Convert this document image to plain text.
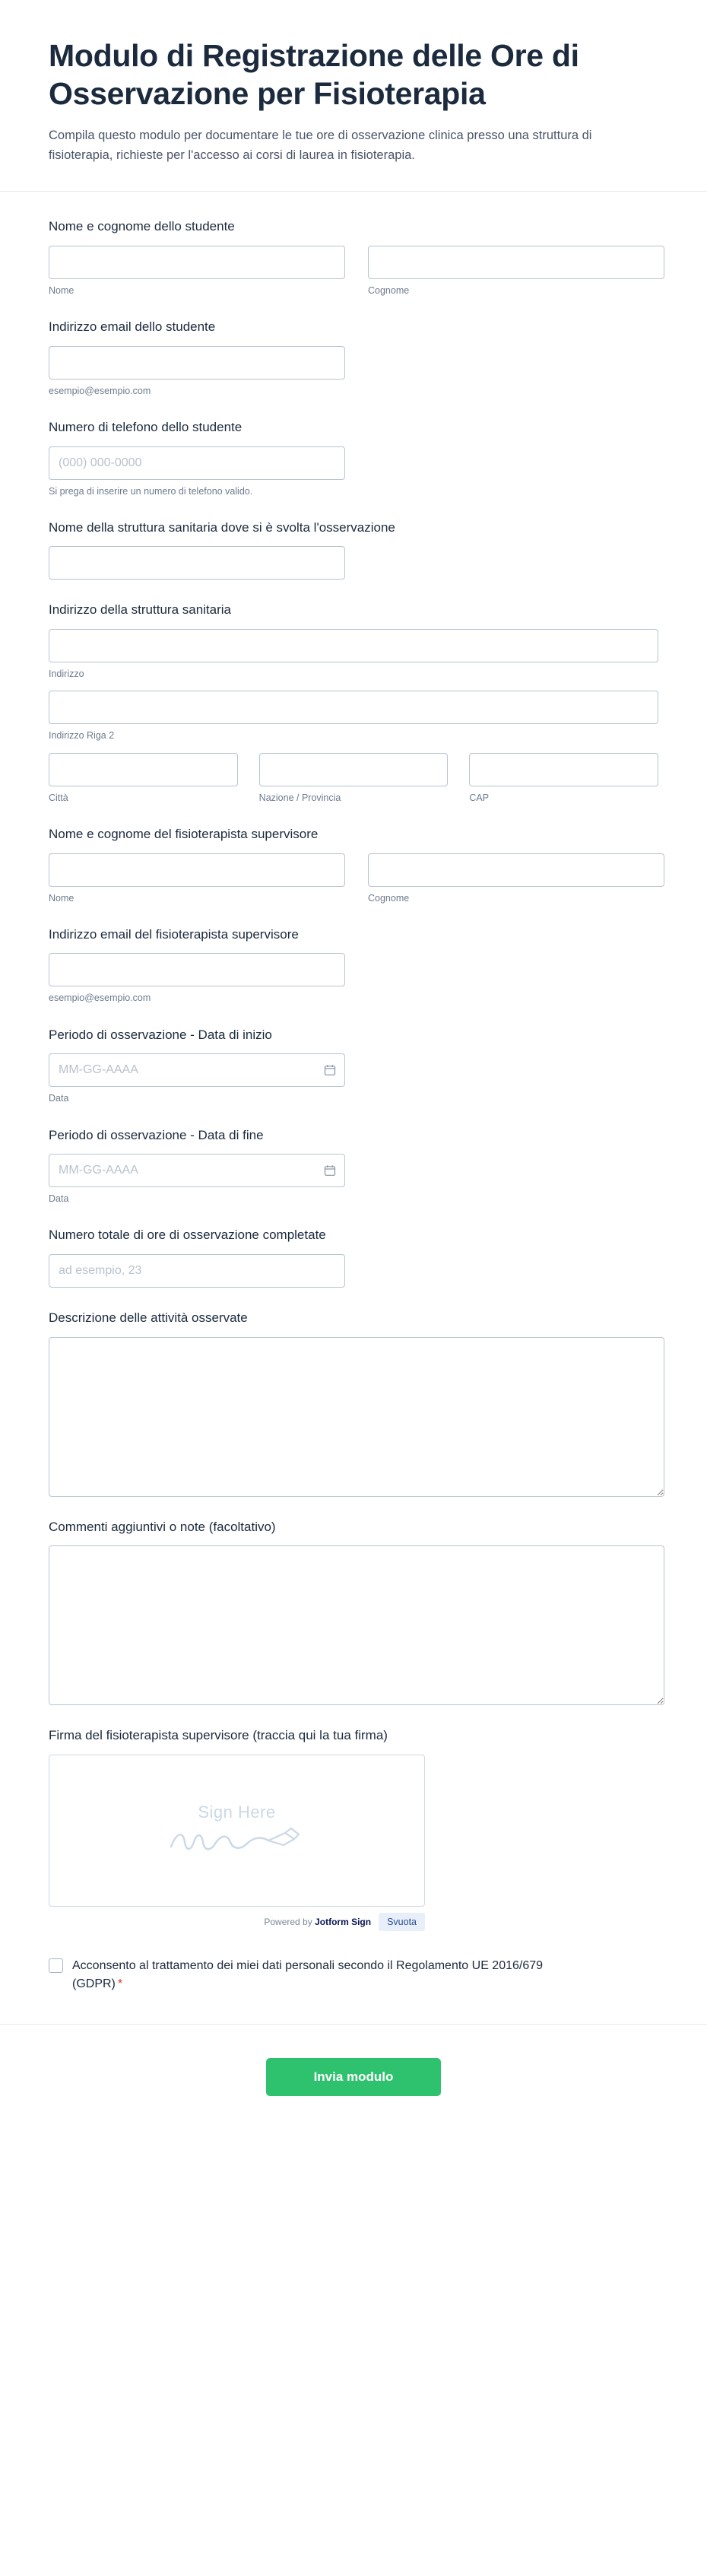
Modulo di Registrazione delle Ore di Osservazione per Fisioterapia

Compila questo modulo per documentare le tue ore di osservazione clinica presso una struttura di fisioterapia, richieste per l'accesso ai corsi di laurea in fisioterapia.

Nome e cognome dello studente
Nome	Cognome
Indirizzo email dello studente
esempio@esempio.com
Numero di telefono dello studente
(000) 000-0000
Si prega di inserire un numero di telefono valido.
Nome della struttura sanitaria dove si è svolta l'osservazione
Indirizzo della struttura sanitaria
Indirizzo
Indirizzo Riga 2
Città	Nazione / Provincia	CAP
Nome e cognome del fisioterapista supervisore
Nome	Cognome
Indirizzo email del fisioterapista supervisore
esempio@esempio.com
Periodo di osservazione - Data di inizio
MM-GG-AAAA
Data
Periodo di osservazione - Data di fine
MM-GG-AAAA
Data
Numero totale di ore di osservazione completate
ad esempio, 23
Descrizione delle attività osservate
Commenti aggiuntivi o note (facoltativo)
Firma del fisioterapista supervisore (traccia qui la tua firma)
Sign Here
Powered by Jotform Sign	Svuota
Acconsento al trattamento dei miei dati personali secondo il Regolamento UE 2016/679 (GDPR) *
Invia modulo
